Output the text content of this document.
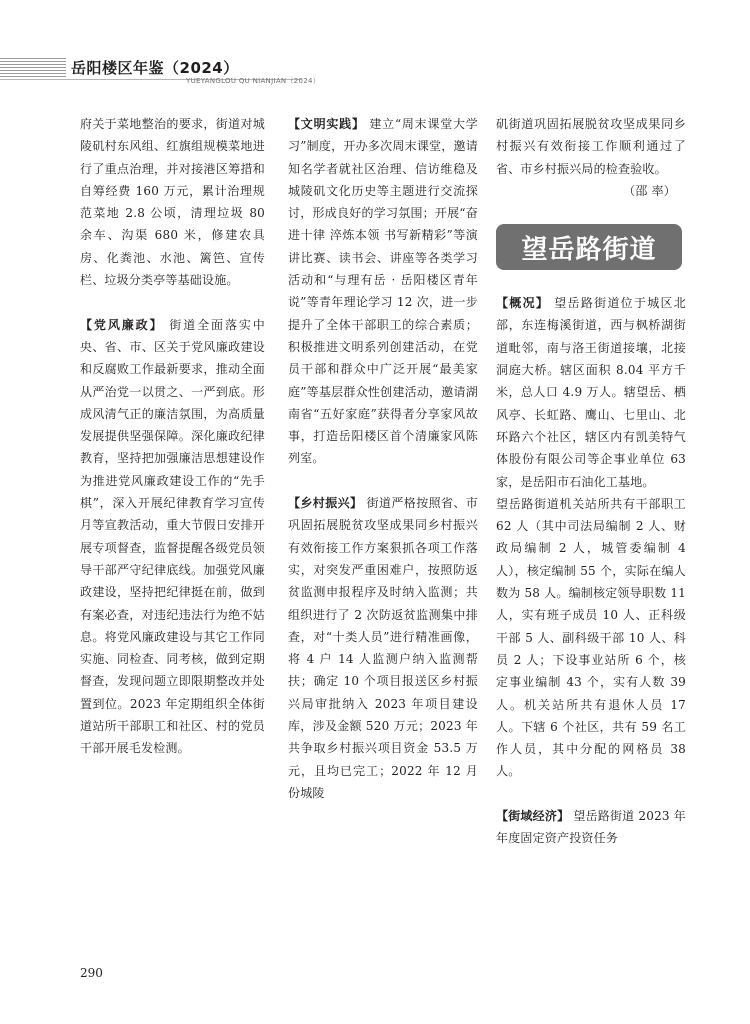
岳阳楼区年鉴（2024）
YUEYANGLOU QU NIANJIAN（2024）

府关于菜地整治的要求，街道对城陵矶村东风组、红旗组规模菜地进行了重点治理，并对接港区筹措和自筹经费 160 万元，累计治理规范菜地 2.8 公顷，清理垃圾 80 余车、沟渠 680 米，修建农具房、化粪池、水池、篱笆、宣传栏、垃圾分类亭等基础设施。

【党风廉政】 街道全面落实中央、省、市、区关于党风廉政建设和反腐败工作最新要求，推动全面从严治党一以贯之、一严到底。形成风清气正的廉洁氛围，为高质量发展提供坚强保障。深化廉政纪律教育，坚持把加强廉洁思想建设作为推进党风廉政建设工作的“先手棋”，深入开展纪律教育学习宣传月等宣教活动，重大节假日安排开展专项督查，监督提醒各级党员领导干部严守纪律底线。加强党风廉政建设，坚持把纪律挺在前，做到有案必查，对违纪违法行为绝不姑息。将党风廉政建设与其它工作同实施、同检查、同考核，做到定期督查，发现问题立即限期整改并处置到位。2023 年定期组织全体街道站所干部职工和社区、村的党员干部开展毛发检测。

【文明实践】 建立“周末课堂大学习”制度，开办多次周末课堂，邀请知名学者就社区治理、信访维稳及城陵矶文化历史等主题进行交流探讨，形成良好的学习氛围；开展“奋进十律 淬炼本领 书写新精彩”等演讲比赛、读书会、讲座等各类学习活动和“与理有岳 · 岳阳楼区青年说”等青年理论学习 12 次，进一步提升了全体干部职工的综合素质；积极推进文明系列创建活动，在党员干部和群众中广泛开展“最美家庭”等基层群众性创建活动，邀请湖南省“五好家庭”获得者分享家风故事，打造岳阳楼区首个清廉家风陈列室。

【乡村振兴】 街道严格按照省、市巩固拓展脱贫攻坚成果同乡村振兴有效衔接工作方案狠抓各项工作落实，对突发严重困难户，按照防返贫监测申报程序及时纳入监测；共组织进行了 2 次防返贫监测集中排查，对“十类人员”进行精准画像，将 4 户 14 人监测户纳入监测帮扶；确定 10 个项目报送区乡村振兴局审批纳入 2023 年项目建设库，涉及金额 520 万元；2023 年共争取乡村振兴项目资金 53.5 万元，且均已完工；2022 年 12 月份城陵

矶街道巩固拓展脱贫攻坚成果同乡村振兴有效衔接工作顺利通过了省、市乡村振兴局的检查验收。

（邵 率）

望岳路街道

【概况】 望岳路街道位于城区北部，东连梅溪街道，西与枫桥湖街道毗邻，南与洛王街道接壤，北接洞庭大桥。辖区面积 8.04 平方千米，总人口 4.9 万人。辖望岳、栖风亭、长虹路、鹰山、七里山、北环路六个社区，辖区内有凯美特气体股份有限公司等企事业单位 63 家，是岳阳市石油化工基地。

望岳路街道机关站所共有干部职工 62 人（其中司法局编制 2 人、财政局编制 2 人，城管委编制 4 人），核定编制 55 个，实际在编人数为 58 人。编制核定领导职数 11 人，实有班子成员 10 人、正科级干部 5 人、副科级干部 10 人、科员 2 人；下设事业站所 6 个，核定事业编制 43 个，实有人数 39 人。机关站所共有退休人员 17 人。下辖 6 个社区，共有 59 名工作人员，其中分配的网格员 38 人。

【街域经济】 望岳路街道 2023 年年度固定资产投资任务

290
